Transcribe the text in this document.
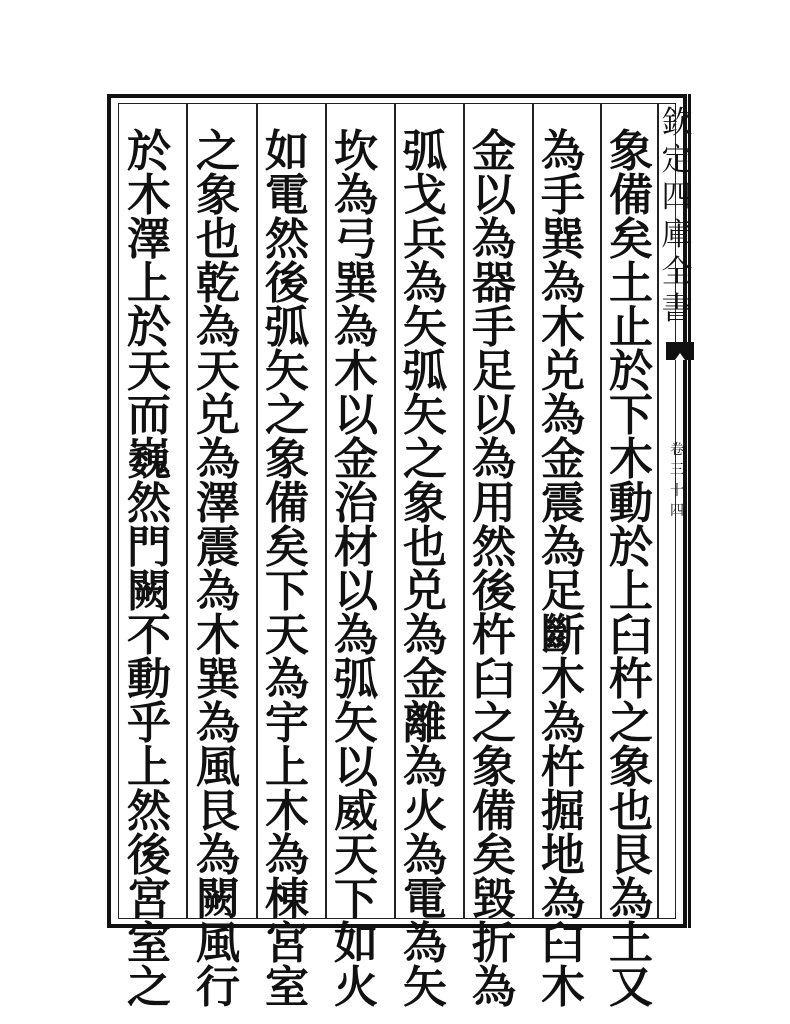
欽
定
四
庫
全
書
卷
三
十
四
象
備
矣
土
止
於
下
木
動
於
上
臼
杵
之
象
也
艮
為
土
又
為
手
巽
為
木
兑
為
金
震
為
足
斷
木
為
杵
掘
地
為
臼
木
金
以
為
器
手
足
以
為
用
然
後
杵
臼
之
象
備
矣
毀
折
為
弧
戈
兵
為
矢
弧
矢
之
象
也
兑
為
金
離
為
火
為
電
為
矢
坎
為
弓
巽
為
木
以
金
治
材
以
為
弧
矢
以
威
天
下
如
火
如
電
然
後
弧
矢
之
象
備
矣
下
天
為
宇
上
木
為
棟
宮
室
之
象
也
乾
為
天
兑
為
澤
震
為
木
巽
為
風
艮
為
闕
風
行
於
木
澤
上
於
天
而
巍
然
門
闕
不
動
乎
上
然
後
宮
室
之
